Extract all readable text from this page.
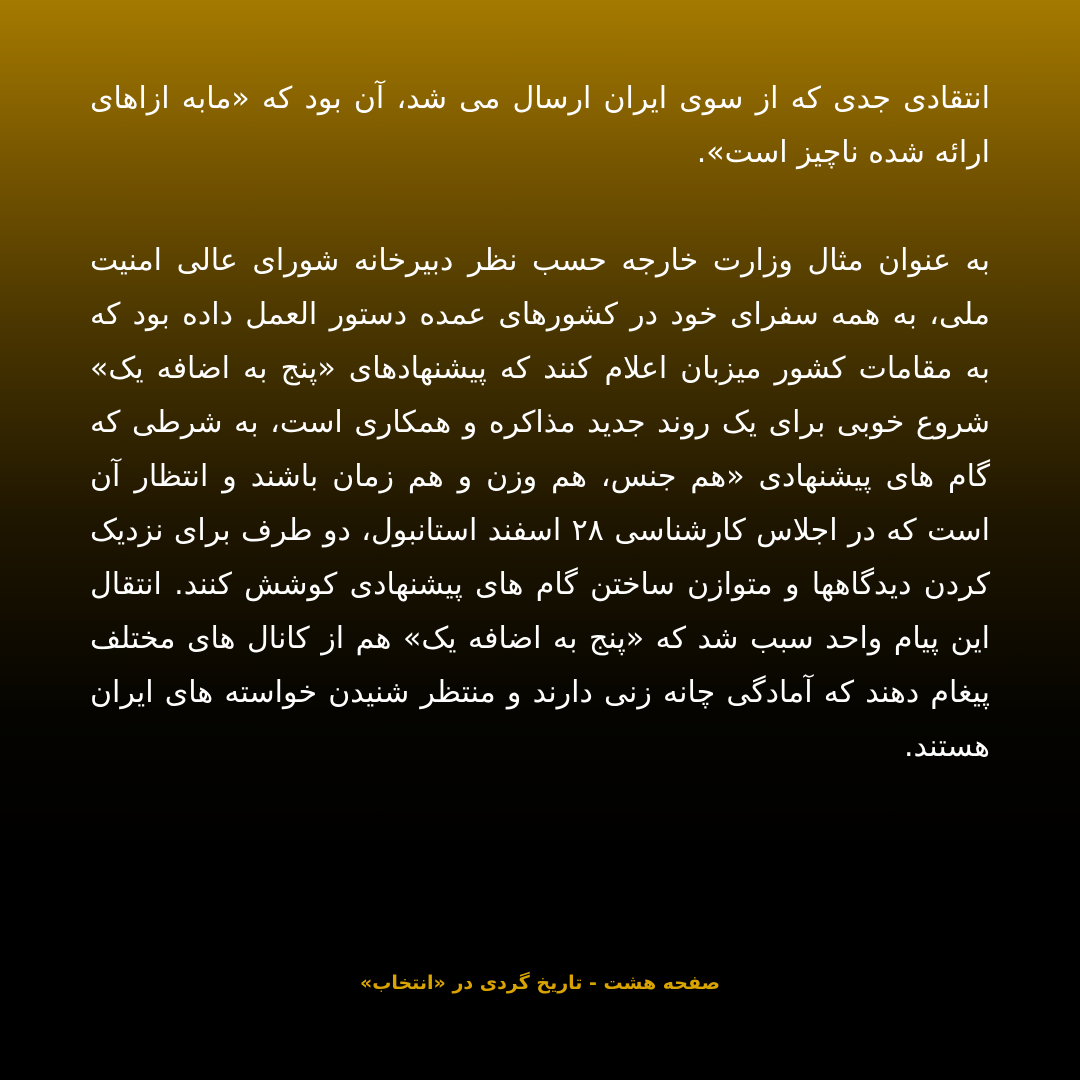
انتقادی جدی که از سوی ایران ارسال می شد، آن بود که «مابه ازاهای ارائه شده ناچیز است».

به عنوان مثال وزارت خارجه حسب نظر دبیرخانه شورای عالی امنیت ملی، به همه سفرای خود در کشورهای عمده دستور العمل داده بود که به مقامات کشور میزبان اعلام کنند که پیشنهادهای «پنج به اضافه یک» شروع خوبی برای یک روند جدید مذاکره و همکاری است، به شرطی که گام های پیشنهادی «هم جنس، هم وزن و هم زمان باشند و انتظار آن است که در اجلاس کارشناسی ۲۸ اسفند استانبول، دو طرف برای نزدیک کردن دیدگاهها و متوازن ساختن گام های پیشنهادی کوشش کنند. انتقال این پیام واحد سبب شد که «پنج به اضافه یک» هم از کانال های مختلف پیغام دهند که آمادگی چانه زنی دارند و منتظر شنیدن خواسته های ایران هستند.

صفحه هشت - تاریخ گردی در «انتخاب»
